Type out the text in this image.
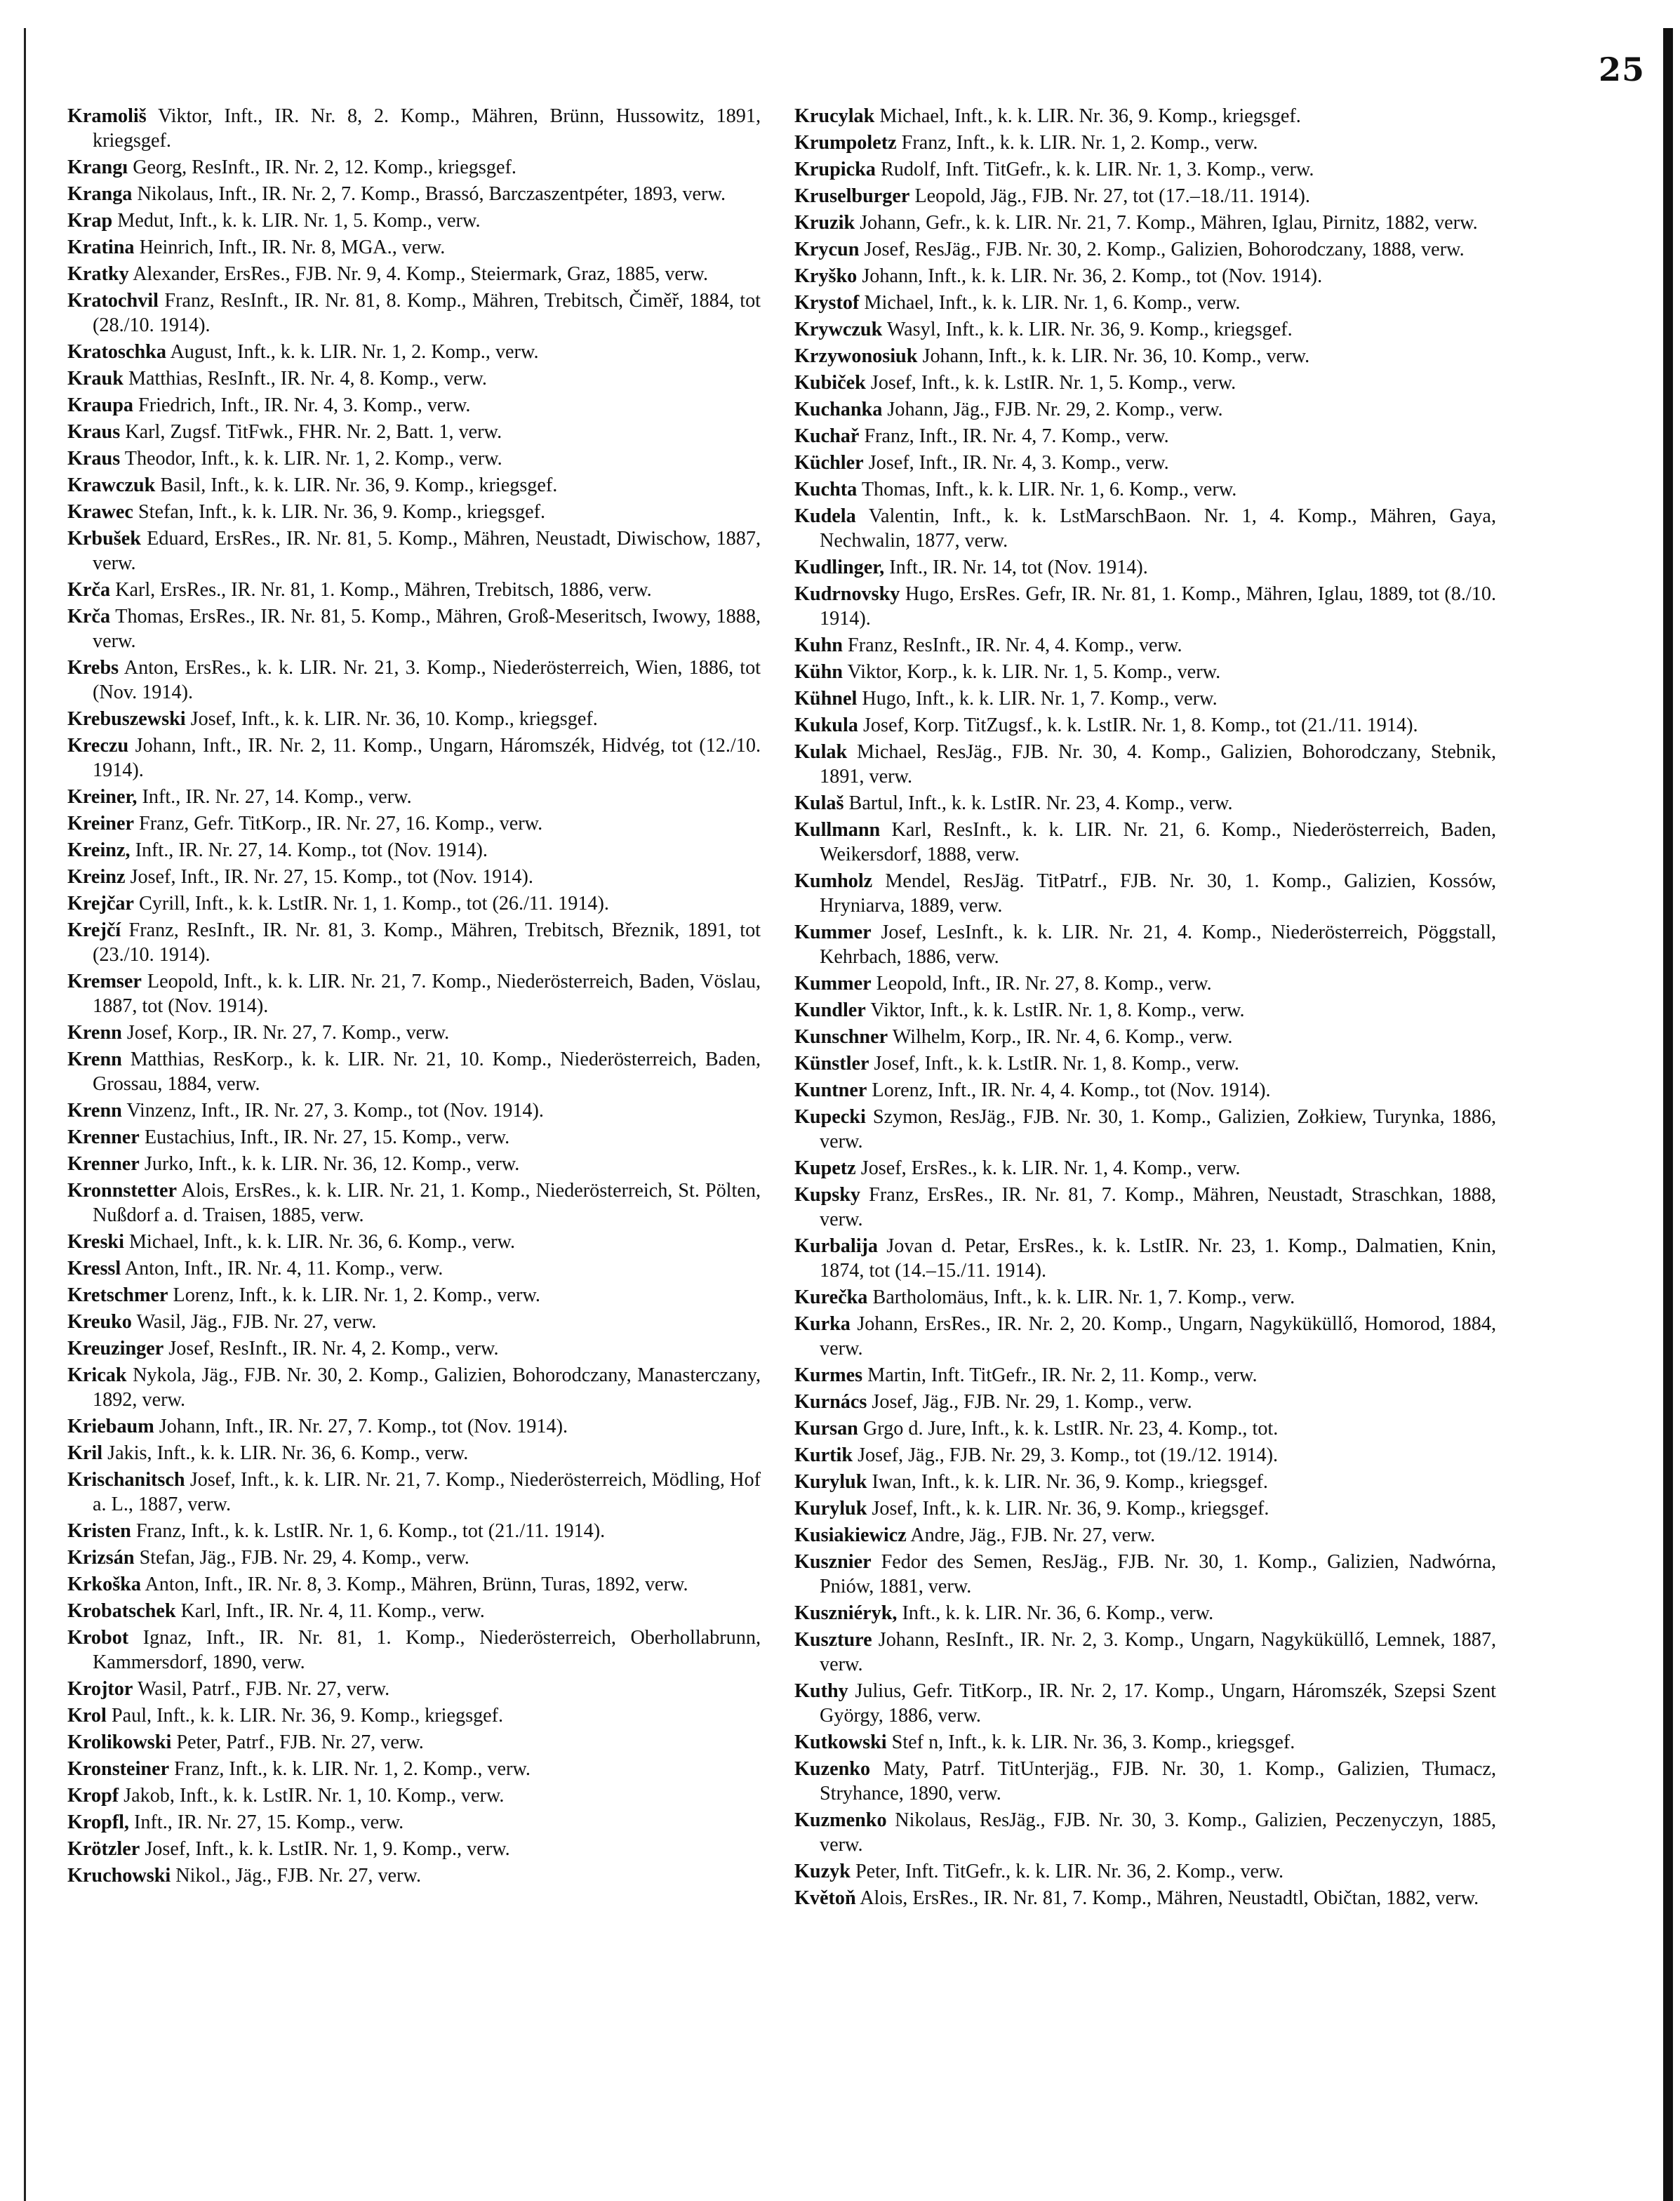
25
Kramoliš Viktor, Inft., IR. Nr. 8, 2. Komp., Mähren, Brünn, Hussowitz, 1891, kriegsgef.
Krangı Georg, ResInft., IR. Nr. 2, 12. Komp., kriegsgef.
Kranga Nikolaus, Inft., IR. Nr. 2, 7. Komp., Brassó, Barczaszentpéter, 1893, verw.
Krap Medut, Inft., k. k. LIR. Nr. 1, 5. Komp., verw.
Kratina Heinrich, Inft., IR. Nr. 8, MGA., verw.
Kratky Alexander, ErsRes., FJB. Nr. 9, 4. Komp., Steiermark, Graz, 1885, verw.
Kratochvil Franz, ResInft., IR. Nr. 81, 8. Komp., Mähren, Trebitsch, Čiměř, 1884, tot (28./10. 1914).
Kratoschka August, Inft., k. k. LIR. Nr. 1, 2. Komp., verw.
Krauk Matthias, ResInft., IR. Nr. 4, 8. Komp., verw.
Kraupa Friedrich, Inft., IR. Nr. 4, 3. Komp., verw.
Kraus Karl, Zugsf. TitFwk., FHR. Nr. 2, Batt. 1, verw.
Kraus Theodor, Inft., k. k. LIR. Nr. 1, 2. Komp., verw.
Krawczuk Basil, Inft., k. k. LIR. Nr. 36, 9. Komp., kriegsgef.
Krawec Stefan, Inft., k. k. LIR. Nr. 36, 9. Komp., kriegsgef.
Krbušek Eduard, ErsRes., IR. Nr. 81, 5. Komp., Mähren, Neustadt, Diwischow, 1887, verw.
Krča Karl, ErsRes., IR. Nr. 81, 1. Komp., Mähren, Trebitsch, 1886, verw.
Krča Thomas, ErsRes., IR. Nr. 81, 5. Komp., Mähren, Groß-Meseritsch, Iwowy, 1888, verw.
Krebs Anton, ErsRes., k. k. LIR. Nr. 21, 3. Komp., Niederösterreich, Wien, 1886, tot (Nov. 1914).
Krebuszewski Josef, Inft., k. k. LIR. Nr. 36, 10. Komp., kriegsgef.
Kreczu Johann, Inft., IR. Nr. 2, 11. Komp., Ungarn, Háromszék, Hidvég, tot (12./10. 1914).
Kreiner, Inft., IR. Nr. 27, 14. Komp., verw.
Kreiner Franz, Gefr. TitKorp., IR. Nr. 27, 16. Komp., verw.
Kreinz, Inft., IR. Nr. 27, 14. Komp., tot (Nov. 1914).
Kreinz Josef, Inft., IR. Nr. 27, 15. Komp., tot (Nov. 1914).
Krejčar Cyrill, Inft., k. k. LstIR. Nr. 1, 1. Komp., tot (26./11. 1914).
Krejčí Franz, ResInft., IR. Nr. 81, 3. Komp., Mähren, Trebitsch, Březnik, 1891, tot (23./10. 1914).
Kremser Leopold, Inft., k. k. LIR. Nr. 21, 7. Komp., Niederösterreich, Baden, Vöslau, 1887, tot (Nov. 1914).
Krenn Josef, Korp., IR. Nr. 27, 7. Komp., verw.
Krenn Matthias, ResKorp., k. k. LIR. Nr. 21, 10. Komp., Niederösterreich, Baden, Grossau, 1884, verw.
Krenn Vinzenz, Inft., IR. Nr. 27, 3. Komp., tot (Nov. 1914).
Krenner Eustachius, Inft., IR. Nr. 27, 15. Komp., verw.
Krenner Jurko, Inft., k. k. LIR. Nr. 36, 12. Komp., verw.
Kronnstetter Alois, ErsRes., k. k. LIR. Nr. 21, 1. Komp., Niederösterreich, St. Pölten, Nußdorf a. d. Traisen, 1885, verw.
Kreski Michael, Inft., k. k. LIR. Nr. 36, 6. Komp., verw.
Kressl Anton, Inft., IR. Nr. 4, 11. Komp., verw.
Kretschmer Lorenz, Inft., k. k. LIR. Nr. 1, 2. Komp., verw.
Kreuko Wasil, Jäg., FJB. Nr. 27, verw.
Kreuzinger Josef, ResInft., IR. Nr. 4, 2. Komp., verw.
Kricak Nykola, Jäg., FJB. Nr. 30, 2. Komp., Galizien, Bohorodczany, Manasterczany, 1892, verw.
Kriebaum Johann, Inft., IR. Nr. 27, 7. Komp., tot (Nov. 1914).
Kril Jakis, Inft., k. k. LIR. Nr. 36, 6. Komp., verw.
Krischanitsch Josef, Inft., k. k. LIR. Nr. 21, 7. Komp., Niederösterreich, Mödling, Hof a. L., 1887, verw.
Kristen Franz, Inft., k. k. LstIR. Nr. 1, 6. Komp., tot (21./11. 1914).
Krizsán Stefan, Jäg., FJB. Nr. 29, 4. Komp., verw.
Krkoška Anton, Inft., IR. Nr. 8, 3. Komp., Mähren, Brünn, Turas, 1892, verw.
Krobatschek Karl, Inft., IR. Nr. 4, 11. Komp., verw.
Krobot Ignaz, Inft., IR. Nr. 81, 1. Komp., Niederösterreich, Oberhollabrunn, Kammersdorf, 1890, verw.
Krojtor Wasil, Patrf., FJB. Nr. 27, verw.
Krol Paul, Inft., k. k. LIR. Nr. 36, 9. Komp., kriegsgef.
Krolikowski Peter, Patrf., FJB. Nr. 27, verw.
Kronsteiner Franz, Inft., k. k. LIR. Nr. 1, 2. Komp., verw.
Kropf Jakob, Inft., k. k. LstIR. Nr. 1, 10. Komp., verw.
Kropfl, Inft., IR. Nr. 27, 15. Komp., verw.
Krötzler Josef, Inft., k. k. LstIR. Nr. 1, 9. Komp., verw.
Kruchowski Nikol., Jäg., FJB. Nr. 27, verw.
Krucylak Michael, Inft., k. k. LIR. Nr. 36, 9. Komp., kriegsgef.
Krumpoletz Franz, Inft., k. k. LIR. Nr. 1, 2. Komp., verw.
Krupicka Rudolf, Inft. TitGefr., k. k. LIR. Nr. 1, 3. Komp., verw.
Kruselburger Leopold, Jäg., FJB. Nr. 27, tot (17.–18./11. 1914).
Kruzik Johann, Gefr., k. k. LIR. Nr. 21, 7. Komp., Mähren, Iglau, Pirnitz, 1882, verw.
Krycun Josef, ResJäg., FJB. Nr. 30, 2. Komp., Galizien, Bohorodczany, 1888, verw.
Kryško Johann, Inft., k. k. LIR. Nr. 36, 2. Komp., tot (Nov. 1914).
Krystof Michael, Inft., k. k. LIR. Nr. 1, 6. Komp., verw.
Krywczuk Wasyl, Inft., k. k. LIR. Nr. 36, 9. Komp., kriegsgef.
Krzywonosiuk Johann, Inft., k. k. LIR. Nr. 36, 10. Komp., verw.
Kubiček Josef, Inft., k. k. LstIR. Nr. 1, 5. Komp., verw.
Kuchanka Johann, Jäg., FJB. Nr. 29, 2. Komp., verw.
Kuchař Franz, Inft., IR. Nr. 4, 7. Komp., verw.
Küchler Josef, Inft., IR. Nr. 4, 3. Komp., verw.
Kuchta Thomas, Inft., k. k. LIR. Nr. 1, 6. Komp., verw.
Kudela Valentin, Inft., k. k. LstMarschBaon. Nr. 1, 4. Komp., Mähren, Gaya, Nechwalin, 1877, verw.
Kudlinger, Inft., IR. Nr. 14, tot (Nov. 1914).
Kudrnovsky Hugo, ErsRes. Gefr, IR. Nr. 81, 1. Komp., Mähren, Iglau, 1889, tot (8./10. 1914).
Kuhn Franz, ResInft., IR. Nr. 4, 4. Komp., verw.
Kühn Viktor, Korp., k. k. LIR. Nr. 1, 5. Komp., verw.
Kühnel Hugo, Inft., k. k. LIR. Nr. 1, 7. Komp., verw.
Kukula Josef, Korp. TitZugsf., k. k. LstIR. Nr. 1, 8. Komp., tot (21./11. 1914).
Kulak Michael, ResJäg., FJB. Nr. 30, 4. Komp., Galizien, Bohorodczany, Stebnik, 1891, verw.
Kulaš Bartul, Inft., k. k. LstIR. Nr. 23, 4. Komp., verw.
Kullmann Karl, ResInft., k. k. LIR. Nr. 21, 6. Komp., Niederösterreich, Baden, Weikersdorf, 1888, verw.
Kumholz Mendel, ResJäg. TitPatrf., FJB. Nr. 30, 1. Komp., Galizien, Kossów, Hryniarva, 1889, verw.
Kummer Josef, LesInft., k. k. LIR. Nr. 21, 4. Komp., Niederösterreich, Pöggstall, Kehrbach, 1886, verw.
Kummer Leopold, Inft., IR. Nr. 27, 8. Komp., verw.
Kundler Viktor, Inft., k. k. LstIR. Nr. 1, 8. Komp., verw.
Kunschner Wilhelm, Korp., IR. Nr. 4, 6. Komp., verw.
Künstler Josef, Inft., k. k. LstIR. Nr. 1, 8. Komp., verw.
Kuntner Lorenz, Inft., IR. Nr. 4, 4. Komp., tot (Nov. 1914).
Kupecki Szymon, ResJäg., FJB. Nr. 30, 1. Komp., Galizien, Zołkiew, Turynka, 1886, verw.
Kupetz Josef, ErsRes., k. k. LIR. Nr. 1, 4. Komp., verw.
Kupsky Franz, ErsRes., IR. Nr. 81, 7. Komp., Mähren, Neustadt, Straschkan, 1888, verw.
Kurbalija Jovan d. Petar, ErsRes., k. k. LstIR. Nr. 23, 1. Komp., Dalmatien, Knin, 1874, tot (14.–15./11. 1914).
Kurečka Bartholomäus, Inft., k. k. LIR. Nr. 1, 7. Komp., verw.
Kurka Johann, ErsRes., IR. Nr. 2, 20. Komp., Ungarn, Nagyküküllő, Homorod, 1884, verw.
Kurmes Martin, Inft. TitGefr., IR. Nr. 2, 11. Komp., verw.
Kurnács Josef, Jäg., FJB. Nr. 29, 1. Komp., verw.
Kursan Grgo d. Jure, Inft., k. k. LstIR. Nr. 23, 4. Komp., tot.
Kurtik Josef, Jäg., FJB. Nr. 29, 3. Komp., tot (19./12. 1914).
Kuryluk Iwan, Inft., k. k. LIR. Nr. 36, 9. Komp., kriegsgef.
Kuryluk Josef, Inft., k. k. LIR. Nr. 36, 9. Komp., kriegsgef.
Kusiakiewicz Andre, Jäg., FJB. Nr. 27, verw.
Kusznier Fedor des Semen, ResJäg., FJB. Nr. 30, 1. Komp., Galizien, Nadwórna, Pniów, 1881, verw.
Kuszniéryk, Inft., k. k. LIR. Nr. 36, 6. Komp., verw.
Kuszture Johann, ResInft., IR. Nr. 2, 3. Komp., Ungarn, Nagyküküllő, Lemnek, 1887, verw.
Kuthy Julius, Gefr. TitKorp., IR. Nr. 2, 17. Komp., Ungarn, Háromszék, Szepsi Szent György, 1886, verw.
Kutkowski Stef n, Inft., k. k. LIR. Nr. 36, 3. Komp., kriegsgef.
Kuzenko Maty, Patrf. TitUnterjäg., FJB. Nr. 30, 1. Komp., Galizien, Tłumacz, Stryhance, 1890, verw.
Kuzmenko Nikolaus, ResJäg., FJB. Nr. 30, 3. Komp., Galizien, Peczenyczyn, 1885, verw.
Kuzyk Peter, Inft. TitGefr., k. k. LIR. Nr. 36, 2. Komp., verw.
Květoň Alois, ErsRes., IR. Nr. 81, 7. Komp., Mähren, Neustadtl, Običtan, 1882, verw.
